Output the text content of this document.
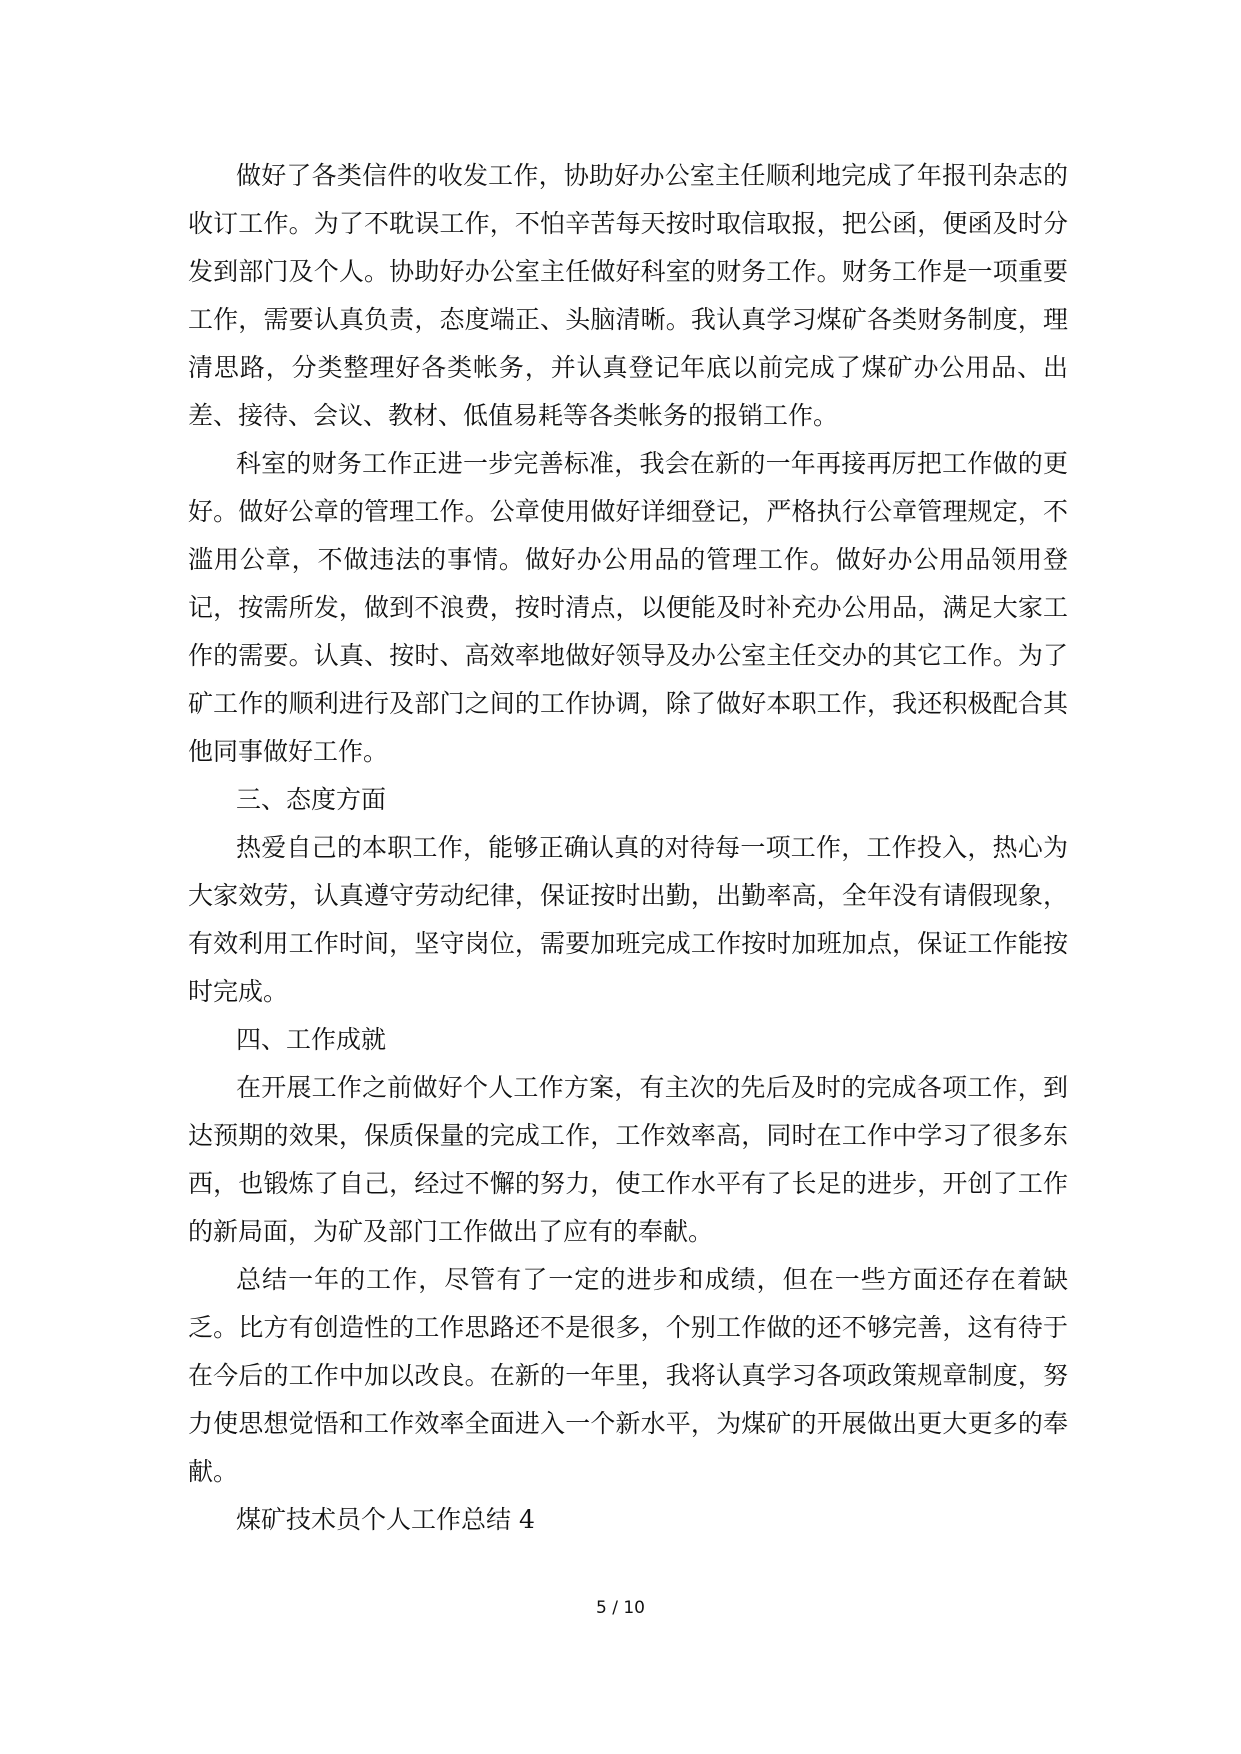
做好了各类信件的收发工作，协助好办公室主任顺利地完成了年报刊杂志的收订工作。为了不耽误工作，不怕辛苦每天按时取信取报，把公函，便函及时分发到部门及个人。协助好办公室主任做好科室的财务工作。财务工作是一项重要工作，需要认真负责，态度端正、头脑清晰。我认真学习煤矿各类财务制度，理清思路，分类整理好各类帐务，并认真登记年底以前完成了煤矿办公用品、出差、接待、会议、教材、低值易耗等各类帐务的报销工作。

科室的财务工作正进一步完善标准，我会在新的一年再接再厉把工作做的更好。做好公章的管理工作。公章使用做好详细登记，严格执行公章管理规定，不滥用公章，不做违法的事情。做好办公用品的管理工作。做好办公用品领用登记，按需所发，做到不浪费，按时清点，以便能及时补充办公用品，满足大家工作的需要。认真、按时、高效率地做好领导及办公室主任交办的其它工作。为了矿工作的顺利进行及部门之间的工作协调，除了做好本职工作，我还积极配合其他同事做好工作。

三、态度方面

热爱自己的本职工作，能够正确认真的对待每一项工作，工作投入，热心为大家效劳，认真遵守劳动纪律，保证按时出勤，出勤率高，全年没有请假现象，有效利用工作时间，坚守岗位，需要加班完成工作按时加班加点，保证工作能按时完成。

四、工作成就

在开展工作之前做好个人工作方案，有主次的先后及时的完成各项工作，到达预期的效果，保质保量的完成工作，工作效率高，同时在工作中学习了很多东西，也锻炼了自己，经过不懈的努力，使工作水平有了长足的进步，开创了工作的新局面，为矿及部门工作做出了应有的奉献。

总结一年的工作，尽管有了一定的进步和成绩，但在一些方面还存在着缺乏。比方有创造性的工作思路还不是很多，个别工作做的还不够完善，这有待于在今后的工作中加以改良。在新的一年里，我将认真学习各项政策规章制度，努力使思想觉悟和工作效率全面进入一个新水平，为煤矿的开展做出更大更多的奉献。

煤矿技术员个人工作总结 4

5 / 10
